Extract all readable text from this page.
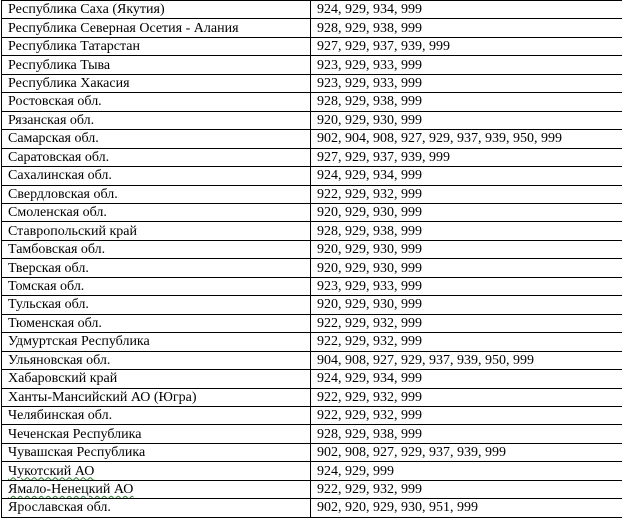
Республика Саха (Якутия)	924, 929, 934, 999
Республика Северная Осетия - Алания	928, 929, 938, 999
Республика Татарстан	927, 929, 937, 939, 999
Республика Тыва	923, 929, 933, 999
Республика Хакасия	923, 929, 933, 999
Ростовская обл.	928, 929, 938, 999
Рязанская обл.	920, 929, 930, 999
Самарская обл.	902, 904, 908, 927, 929, 937, 939, 950, 999
Саратовская обл.	927, 929, 937, 939, 999
Сахалинская обл.	924, 929, 934, 999
Свердловская обл.	922, 929, 932, 999
Смоленская обл.	920, 929, 930, 999
Ставропольский край	928, 929, 938, 999
Тамбовская обл.	920, 929, 930, 999
Тверская обл.	920, 929, 930, 999
Томская обл.	923, 929, 933, 999
Тульская обл.	920, 929, 930, 999
Тюменская обл.	922, 929, 932, 999
Удмуртская Республика	922, 929, 932, 999
Ульяновская обл.	904, 908, 927, 929, 937, 939, 950, 999
Хабаровский край	924, 929, 934, 999
Ханты-Мансийский АО (Югра)	922, 929, 932, 999
Челябинская обл.	922, 929, 932, 999
Чеченская Республика	928, 929, 938, 999
Чувашская Республика	902, 908, 927, 929, 937, 939, 999
Чукотский АО	924, 929, 999
Ямало-Ненецкий АО	922, 929, 932, 999
Ярославская обл.	902, 920, 929, 930, 951, 999
